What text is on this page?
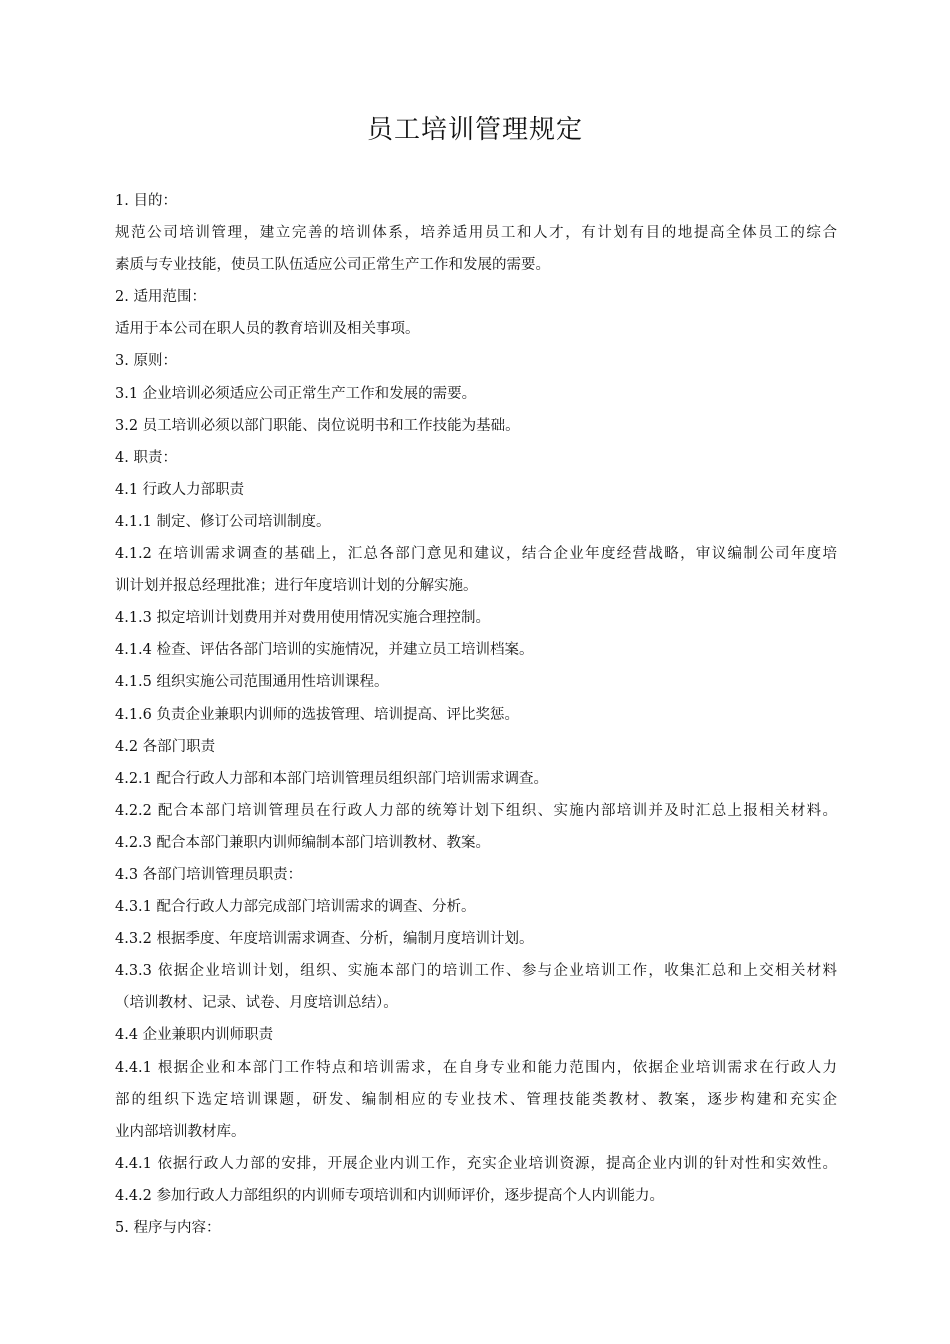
员工培训管理规定
1. 目的：
规范公司培训管理，建立完善的培训体系，培养适用员工和人才，有计划有目的地提高全体员工的综合
素质与专业技能，使员工队伍适应公司正常生产工作和发展的需要。
2. 适用范围：
适用于本公司在职人员的教育培训及相关事项。
3. 原则：
3.1 企业培训必须适应公司正常生产工作和发展的需要。
3.2 员工培训必须以部门职能、岗位说明书和工作技能为基础。
4. 职责：
4.1 行政人力部职责
4.1.1 制定、修订公司培训制度。
4.1.2 在培训需求调查的基础上，汇总各部门意见和建议，结合企业年度经营战略，审议编制公司年度培
训计划并报总经理批准；进行年度培训计划的分解实施。
4.1.3 拟定培训计划费用并对费用使用情况实施合理控制。
4.1.4 检查、评估各部门培训的实施情况，并建立员工培训档案。
4.1.5 组织实施公司范围通用性培训课程。
4.1.6 负责企业兼职内训师的选拔管理、培训提高、评比奖惩。
4.2 各部门职责
4.2.1 配合行政人力部和本部门培训管理员组织部门培训需求调查。
4.2.2 配合本部门培训管理员在行政人力部的统筹计划下组织、实施内部培训并及时汇总上报相关材料。
4.2.3 配合本部门兼职内训师编制本部门培训教材、教案。
4.3 各部门培训管理员职责：
4.3.1 配合行政人力部完成部门培训需求的调查、分析。
4.3.2 根据季度、年度培训需求调查、分析，编制月度培训计划。
4.3.3 依据企业培训计划，组织、实施本部门的培训工作、参与企业培训工作，收集汇总和上交相关材料
（培训教材、记录、试卷、月度培训总结）。
4.4 企业兼职内训师职责
4.4.1 根据企业和本部门工作特点和培训需求，在自身专业和能力范围内，依据企业培训需求在行政人力
部的组织下选定培训课题，研发、编制相应的专业技术、管理技能类教材、教案，逐步构建和充实企
业内部培训教材库。
4.4.1 依据行政人力部的安排，开展企业内训工作，充实企业培训资源，提高企业内训的针对性和实效性。
4.4.2 参加行政人力部组织的内训师专项培训和内训师评价，逐步提高个人内训能力。
5. 程序与内容：
